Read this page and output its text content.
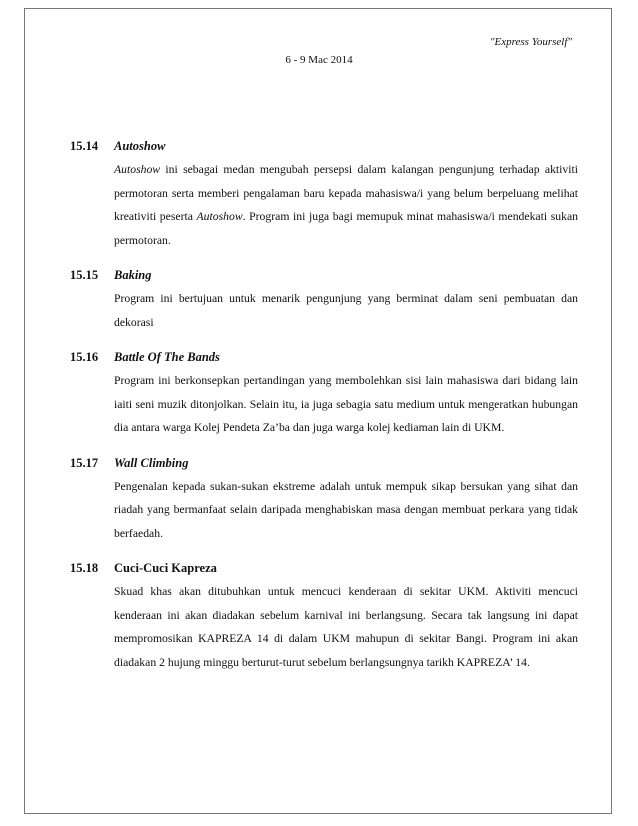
"Express Yourself"
6 - 9 Mac 2014
15.14 Autoshow
Autoshow ini sebagai medan mengubah persepsi dalam kalangan pengunjung terhadap aktiviti permotoran serta memberi pengalaman baru kepada mahasiswa/i yang belum berpeluang melihat kreativiti peserta Autoshow. Program ini juga bagi memupuk minat mahasiswa/i mendekati sukan permotoran.
15.15 Baking
Program ini bertujuan untuk menarik pengunjung yang berminat dalam seni pembuatan dan dekorasi
15.16 Battle Of The Bands
Program ini berkonsepkan pertandingan yang membolehkan sisi lain mahasiswa dari bidang lain iaiti seni muzik ditonjolkan. Selain itu, ia juga sebagia satu medium untuk mengeratkan hubungan dia antara warga Kolej Pendeta Za’ba dan juga warga kolej kediaman lain di UKM.
15.17 Wall Climbing
Pengenalan kepada sukan-sukan ekstreme adalah untuk mempuk sikap bersukan yang sihat dan riadah yang bermanfaat selain daripada menghabiskan masa dengan membuat perkara yang tidak berfaedah.
15.18 Cuci-Cuci Kapreza
Skuad khas akan ditubuhkan untuk mencuci kenderaan di sekitar UKM. Aktiviti mencuci kenderaan ini akan diadakan sebelum karnival ini berlangsung. Secara tak langsung ini dapat mempromosikan KAPREZA 14 di dalam UKM mahupun di sekitar Bangi. Program ini akan diadakan 2 hujung minggu berturut-turut sebelum berlangsungnya tarikh KAPREZA’ 14.
